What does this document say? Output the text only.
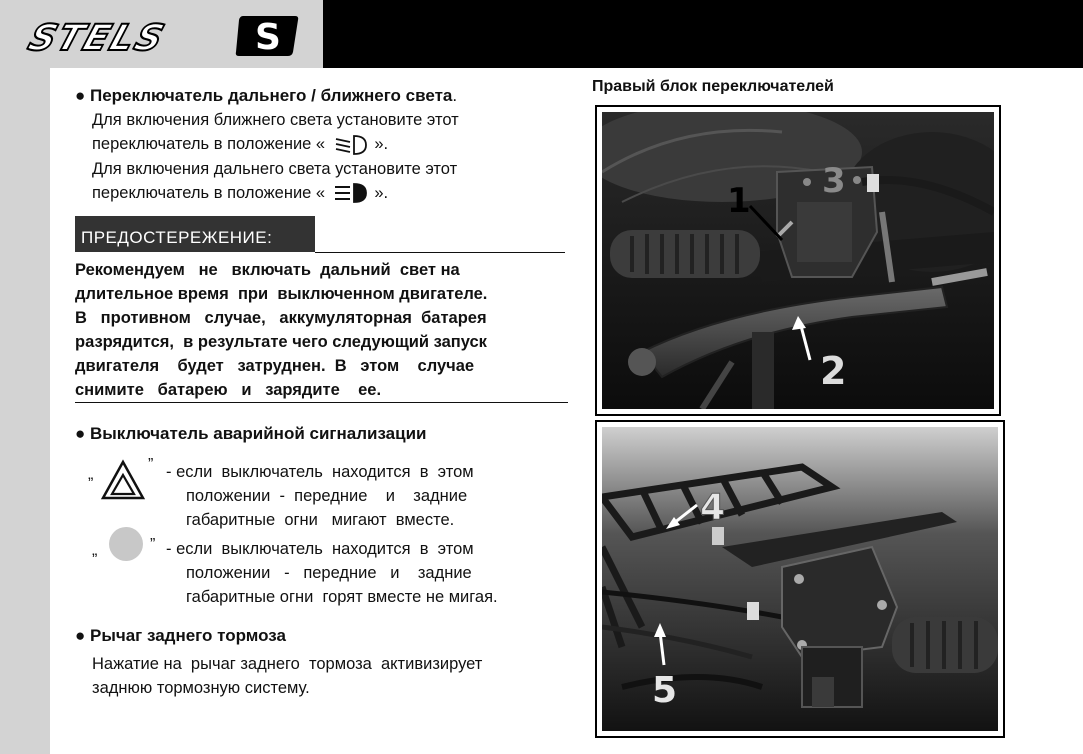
STELS S
● Переключатель дальнего / ближнего света.
Для включения ближнего света установите этот
переключатель в положение «	».
Для включения дальнего света установите этот
переключатель в положение «	».
ПРЕДОСТЕРЕЖЕНИЕ:
Рекомендуем   не   включать  дальний  свет на
длительное время  при  выключенном двигателе.
В   противном   случае,   аккумуляторная  батарея
разрядится,  в результате чего следующий запуск
двигателя    будет   затруднен.  В   этом    случае
снимите   батарею   и   зарядите    ее.
● Выключатель аварийной сигнализации
„
” - если  выключатель  находится  в  этом
положении  -  передние    и    задние
габаритные  огни   мигают  вместе.
„	” - если  выключатель  находится  в  этом
положении   -   передние   и    задние
габаритные огни  горят вместе не мигая.
● Рычаг заднего тормоза
Нажатие на  рычаг заднего  тормоза  активизирует
заднюю тормозную систему.
Правый блок переключателей
3
1
2
4
5
